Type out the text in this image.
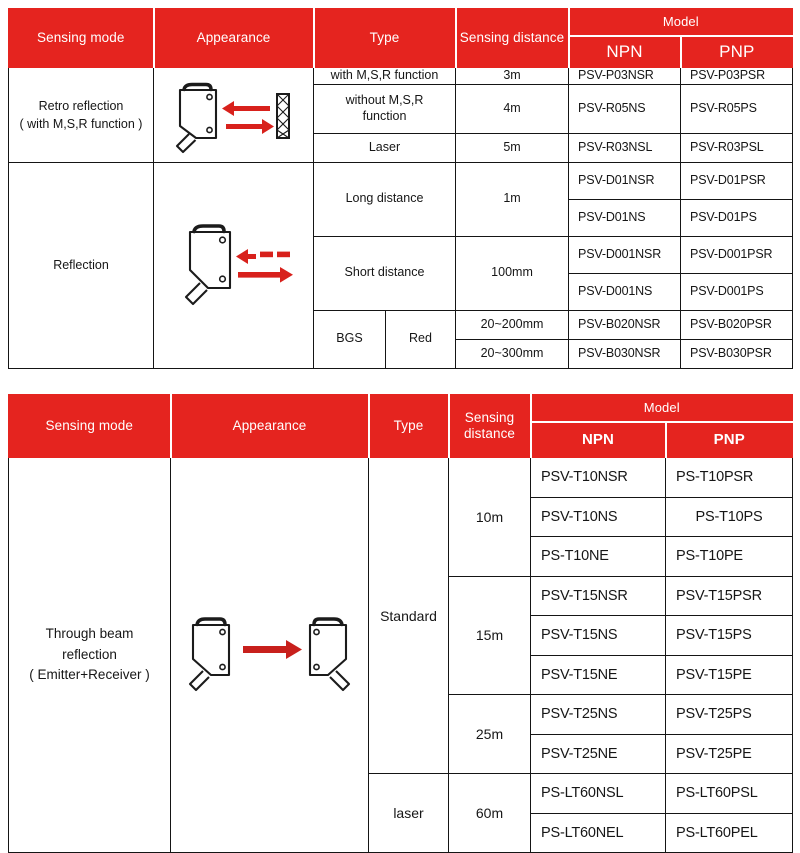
Sensing mode	Appearance	Type		Sensing distance	Model	
					NPN	PNP

Retro reflection
( with M,S,R function )		with M,S,R function		3m	PSV-P03NSR	PSV-P03PSR
		without M,S,R
function		4m	PSV-R05NS	PSV-R05PS
		Laser		5m	PSV-R03NSL	PSV-R03PSL

Reflection		Long distance		1m	PSV-D01NSR	PSV-D01PSR
					PSV-D01NS	PSV-D01PS
		Short distance		100mm	PSV-D001NSR	PSV-D001PSR
					PSV-D001NS	PSV-D001PS
		BGS	Red	20~200mm	PSV-B020NSR	PSV-B020PSR
				20~300mm	PSV-B030NSR	PSV-B030PSR
Sensing mode	Appearance	Type	Sensing distance	Model	
				NPN	PNP

Through beam
reflection
( Emitter+Receiver )		Standard	10m	PSV-T10NSR	PS-T10PSR
				PSV-T10NS	PS-T10PS
				PS-T10NE	PS-T10PE
			15m	PSV-T15NSR	PSV-T15PSR
				PSV-T15NS	PSV-T15PS
				PSV-T15NE	PSV-T15PE
			25m	PSV-T25NS	PSV-T25PS
				PSV-T25NE	PSV-T25PE
		laser	60m	PS-LT60NSL	PS-LT60PSL
				PS-LT60NEL	PS-LT60PEL
